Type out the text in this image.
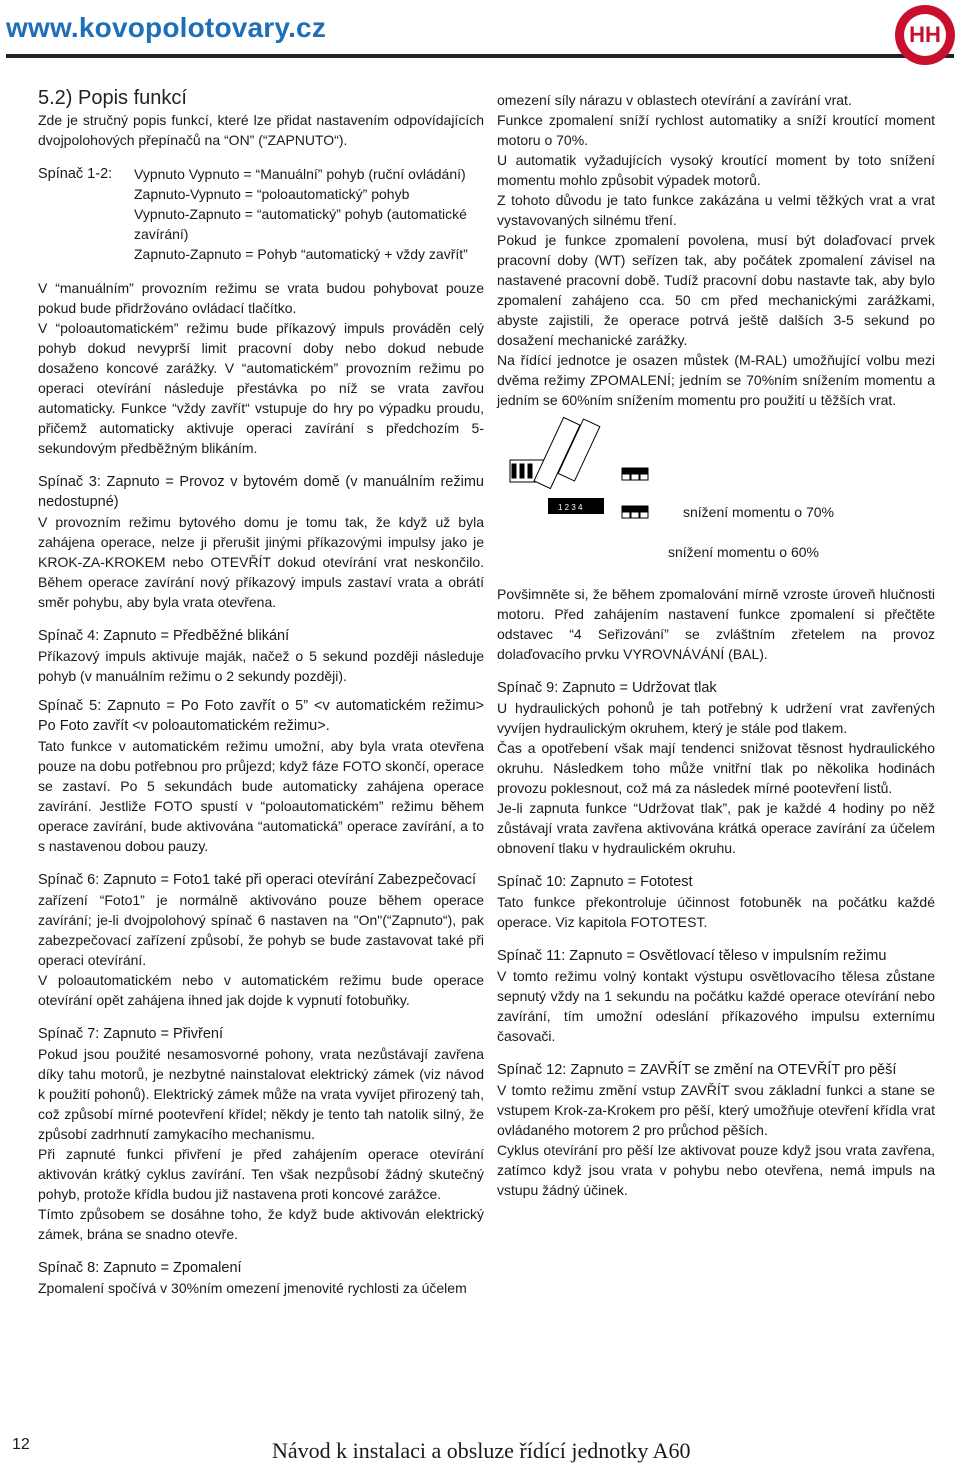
www.kovopolotovary.cz	HH

5.2) Popis funkcí

Zde je stručný popis funkcí, které lze přidat nastavením odpovídajících dvojpolohových přepínačů na “ON” (“ZAPNUTO“).

Spínač 1-2:	Vypnuto Vypnuto = “Manuální” pohyb (ruční ovládání)

Zapnuto-Vypnuto = “poloautomatický” pohyb

Vypnuto-Zapnuto = “automatický” pohyb (automatické zavírání)

Zapnuto-Zapnuto = Pohyb “automatický + vždy zavřít”

V “manuálním” provozním režimu se vrata budou pohybovat pouze pokud bude přidržováno ovládací tlačítko.

V “poloautomatickém” režimu bude příkazový impuls prováděn celý pohyb dokud nevyprší limit pracovní doby nebo dokud nebude dosaženo koncové zarážky. V “automatickém” provozním režimu po operaci otevírání následuje přestávka po níž se vrata zavřou automaticky. Funkce “vždy zavřít“ vstupuje do hry po výpadku proudu, přičemž automaticky aktivuje operaci zavírání s předchozím 5-sekundovým předběžným blikáním.

Spínač 3: Zapnuto = Provoz v bytovém domě (v manuálním režimu nedostupné)

V provozním režimu bytového domu je tomu tak, že když už byla zahájena operace, nelze ji přerušit jinými příkazovými impulsy jako je KROK-ZA-KROKEM nebo OTEVŘÍT dokud otevírání vrat neskončilo. Během operace zavírání nový příkazový impuls zastaví vrata a obrátí směr pohybu, aby byla vrata otevřena.

Spínač 4: Zapnuto = Předběžné blikání

Příkazový impuls aktivuje maják, načež o 5 sekund později následuje pohyb (v manuálním režimu o 2 sekundy později).

Spínač 5: Zapnuto = Po Foto zavřít o 5” <v automatickém režimu> Po Foto zavřít <v poloautomatickém režimu>.

Tato funkce v automatickém režimu umožní, aby byla vrata otevřena pouze na dobu potřebnou pro průjezd; když fáze FOTO skončí, operace se zastaví. Po 5 sekundách bude automaticky zahájena operace zavírání. Jestliže FOTO spustí v “poloautomatickém” režimu během operace zavírání, bude aktivována “automatická” operace zavírání, a to s nastavenou dobou pauzy.

Spínač 6: Zapnuto = Foto1 také při operaci otevírání Zabezpečovací

zařízení “Foto1” je normálně aktivováno pouze během operace zavírání; je-li dvojpolohový spínač 6 nastaven na "On"(“Zapnuto“), pak zabezpečovací zařízení způsobí, že pohyb se bude zastavovat také při operaci otevírání.

V poloautomatickém nebo v automatickém režimu bude operace otevírání opět zahájena ihned jak dojde k vypnutí fotobuňky.

Spínač 7: Zapnuto = Přivření

Pokud jsou použité nesamosvorné pohony, vrata nezůstávají zavřena díky tahu motorů, je nezbytné nainstalovat elektrický zámek (viz návod k použití pohonů). Elektrický zámek může na vrata vyvíjet přirozený tah, což způsobí mírné pootevření křídel; někdy je tento tah natolik silný, že způsobí zadrhnutí zamykacího mechanismu.

Při zapnuté funkci přivření je před zahájením operace otevírání aktivován krátký cyklus zavírání. Ten však nezpůsobí žádný skutečný pohyb, protože křídla budou již nastavena proti koncové zarážce.

Tímto způsobem se dosáhne toho, že když bude aktivován elektrický zámek, brána se snadno otevře.

Spínač 8: Zapnuto = Zpomalení

Zpomalení spočívá v 30%ním omezení jmenovité rychlosti za účelem

omezení síly nárazu v oblastech otevírání a zavírání vrat.

Funkce zpomalení sníží rychlost automatiky a sníží kroutící moment motoru o 70%.

U automatik vyžadujících vysoký kroutící moment by toto snížení momentu mohlo způsobit výpadek motorů.

Z tohoto důvodu je tato funkce zakázána u velmi těžkých vrat a vrat vystavovaných silnému tření.

Pokud je funkce zpomalení povolena, musí být dolaďovací prvek pracovní doby (WT) seřízen tak, aby počátek zpomalení závisel na nastavené pracovní době. Tudíž pracovní dobu nastavte tak, aby bylo zpomalení zahájeno cca. 50 cm před mechanickými zarážkami, abyste zajistili, že operace potrvá ještě dalších 3-5 sekund po dosažení mechanické zarážky.

Na řídící jednotce je osazen můstek (M-RAL) umožňující volbu mezi dvěma režimy ZPOMALENÍ; jedním se 70%ním snížením momentu a jedním se 60%ním snížením momentu pro použití u těžších vrat.

1 2 3 4	snížení momentu o 70%
snížení momentu o 60%

Povšimněte si, že během zpomalování mírně vzroste úroveň hlučnosti motoru. Před zahájením nastavení funkce zpomalení si přečtěte odstavec “4 Seřizování” se zvláštním zřetelem na provoz dolaďovacího prvku VYROVNÁVÁNÍ (BAL).

Spínač 9: Zapnuto = Udržovat tlak

U hydraulických pohonů je tah potřebný k udržení vrat zavřených vyvíjen hydraulickým okruhem, který je stále pod tlakem.

Čas a opotřebení však mají tendenci snižovat těsnost hydraulického okruhu. Následkem toho může vnitřní tlak po několika hodinách provozu poklesnout, což má za následek mírné pootevření listů.

Je-li zapnuta funkce “Udržovat tlak”, pak je každé 4 hodiny po něž zůstávají vrata zavřena aktivována krátká operace zavírání za účelem obnovení tlaku v hydraulickém okruhu.

Spínač 10: Zapnuto = Fototest

Tato funkce překontroluje účinnost fotobuněk na počátku každé operace. Viz kapitola FOTOTEST.

Spínač 11: Zapnuto = Osvětlovací těleso v impulsním režimu

V tomto režimu volný kontakt výstupu osvětlovacího tělesa zůstane sepnutý vždy na 1 sekundu na počátku každé operace otevírání nebo zavírání, tím umožní odeslání příkazového impulsu externímu časovači.

Spínač 12: Zapnuto = ZAVŘÍT se změní na OTEVŘÍT pro pěší

V tomto režimu změní vstup ZAVŘÍT svou základní funkci a stane se vstupem Krok-za-Krokem pro pěší, který umožňuje otevření křídla vrat ovládaného motorem 2 pro průchod pěších.

Cyklus otevírání pro pěší lze aktivovat pouze když jsou vrata zavřena, zatímco když jsou vrata v pohybu nebo otevřena, nemá impuls na vstupu žádný účinek.

12	Návod k instalaci a obsluze řídící jednotky A60
